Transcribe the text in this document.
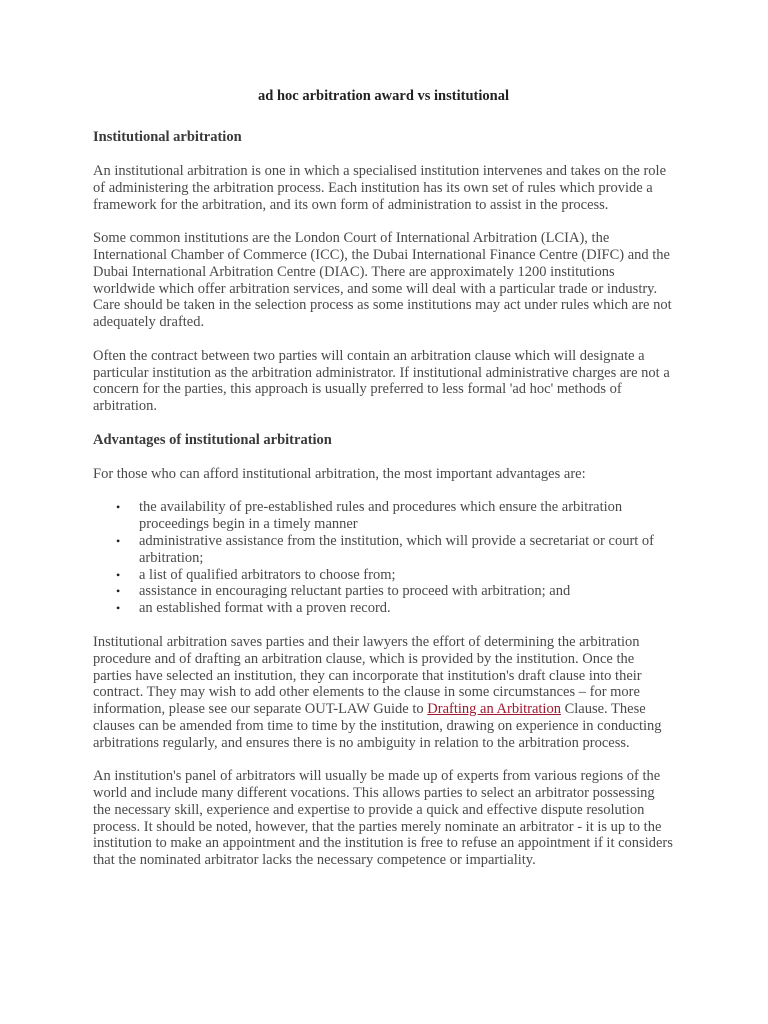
ad hoc arbitration award vs institutional
Institutional arbitration

An institutional arbitration is one in which a specialised institution intervenes and takes on the role of administering the arbitration process. Each institution has its own set of rules which provide a framework for the arbitration, and its own form of administration to assist in the process.

Some common institutions are the London Court of International Arbitration (LCIA), the International Chamber of Commerce (ICC), the Dubai International Finance Centre (DIFC) and the Dubai International Arbitration Centre (DIAC). There are approximately 1200 institutions worldwide which offer arbitration services, and some will deal with a particular trade or industry. Care should be taken in the selection process as some institutions may act under rules which are not adequately drafted.

Often the contract between two parties will contain an arbitration clause which will designate a particular institution as the arbitration administrator. If institutional administrative charges are not a concern for the parties, this approach is usually preferred to less formal 'ad hoc' methods of arbitration.

Advantages of institutional arbitration

For those who can afford institutional arbitration, the most important advantages are:

• the availability of pre-established rules and procedures which ensure the arbitration proceedings begin in a timely manner
• administrative assistance from the institution, which will provide a secretariat or court of arbitration;
• a list of qualified arbitrators to choose from;
• assistance in encouraging reluctant parties to proceed with arbitration; and
• an established format with a proven record.

Institutional arbitration saves parties and their lawyers the effort of determining the arbitration procedure and of drafting an arbitration clause, which is provided by the institution. Once the parties have selected an institution, they can incorporate that institution's draft clause into their contract. They may wish to add other elements to the clause in some circumstances – for more information, please see our separate OUT-LAW Guide to Drafting an Arbitration Clause. These clauses can be amended from time to time by the institution, drawing on experience in conducting arbitrations regularly, and ensures there is no ambiguity in relation to the arbitration process.

An institution's panel of arbitrators will usually be made up of experts from various regions of the world and include many different vocations. This allows parties to select an arbitrator possessing the necessary skill, experience and expertise to provide a quick and effective dispute resolution process. It should be noted, however, that the parties merely nominate an arbitrator - it is up to the institution to make an appointment and the institution is free to refuse an appointment if it considers that the nominated arbitrator lacks the necessary competence or impartiality.
